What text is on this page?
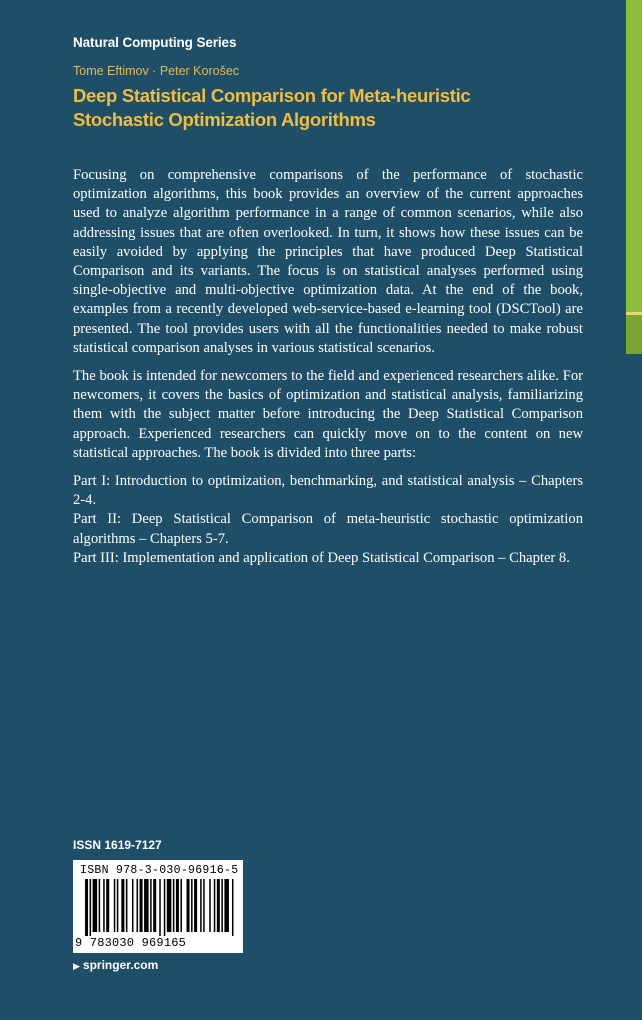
Natural Computing Series
Tome Eftimov · Peter Korošec
Deep Statistical Comparison for Meta-heuristic Stochastic Optimization Algorithms

Focusing on comprehensive comparisons of the performance of stochastic optimization algorithms, this book provides an overview of the current approaches used to analyze algorithm performance in a range of common scenarios, while also addressing issues that are often overlooked. In turn, it shows how these issues can be easily avoided by applying the principles that have produced Deep Statistical Comparison and its variants. The focus is on statistical analyses performed using single-objective and multi-objective optimization data. At the end of the book, examples from a recently developed web-service-based e-learning tool (DSCTool) are presented. The tool provides users with all the functionalities needed to make robust statistical comparison analyses in various statistical scenarios.

The book is intended for newcomers to the field and experienced researchers alike. For newcomers, it covers the basics of optimization and statistical analysis, familiarizing them with the subject matter before introducing the Deep Statistical Comparison approach. Experienced researchers can quickly move on to the content on new statistical approaches. The book is divided into three parts:

Part I: Introduction to optimization, benchmarking, and statistical analysis – Chapters 2-4.

Part II: Deep Statistical Comparison of meta-heuristic stochastic optimization algorithms – Chapters 5-7.

Part III: Implementation and application of Deep Statistical Comparison – Chapter 8.

ISSN 1619-7127
ISBN 978-3-030-96916-5
9 783030 969165
▶ springer.com
